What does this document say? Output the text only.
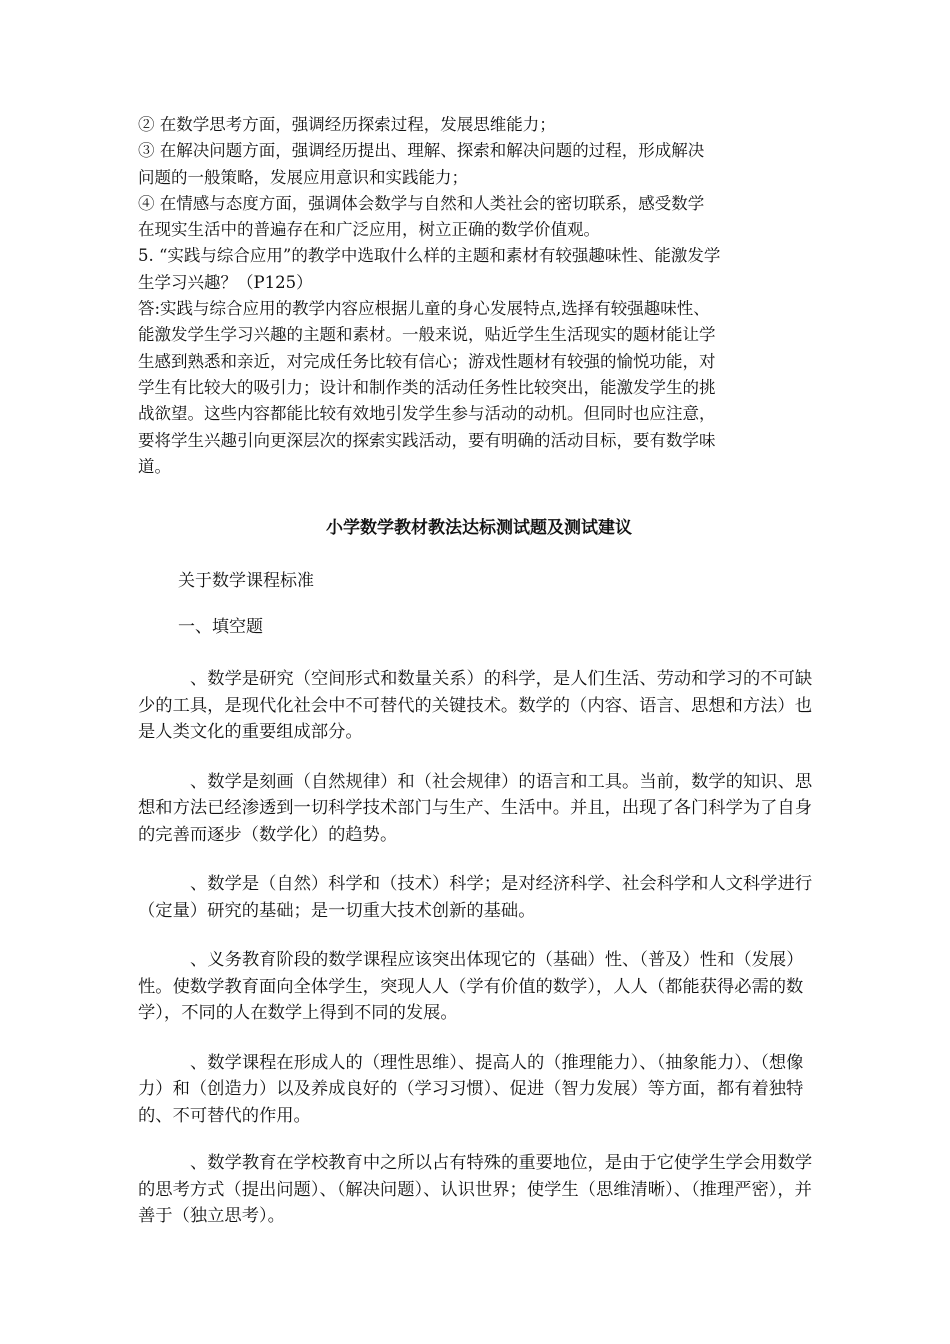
② 在数学思考方面，强调经历探索过程，发展思维能力；

③ 在解决问题方面，强调经历提出、理解、探索和解决问题的过程，形成解决

问题的一般策略，发展应用意识和实践能力；

④ 在情感与态度方面，强调体会数学与自然和人类社会的密切联系，感受数学

在现实生活中的普遍存在和广泛应用，树立正确的数学价值观。

5. “实践与综合应用”的教学中选取什么样的主题和素材有较强趣味性、能激发学

生学习兴趣？（P125）

答:实践与综合应用的教学内容应根据儿童的身心发展特点,选择有较强趣味性、

能激发学生学习兴趣的主题和素材。一般来说，贴近学生生活现实的题材能让学

生感到熟悉和亲近，对完成任务比较有信心；游戏性题材有较强的愉悦功能，对

学生有比较大的吸引力；设计和制作类的活动任务性比较突出，能激发学生的挑

战欲望。这些内容都能比较有效地引发学生参与活动的动机。但同时也应注意，

要将学生兴趣引向更深层次的探索实践活动，要有明确的活动目标，要有数学味

道。

小学数学教材教法达标测试题及测试建议
关于数学课程标准
一、填空题

、数学是研究（空间形式和数量关系）的科学，是人们生活、劳动和学习的不可缺少的工具，是现代化社会中不可替代的关键技术。数学的（内容、语言、思想和方法）也是人类文化的重要组成部分。

、数学是刻画（自然规律）和（社会规律）的语言和工具。当前，数学的知识、思想和方法已经渗透到一切科学技术部门与生产、生活中。并且，出现了各门科学为了自身的完善而逐步（数学化）的趋势。

、数学是（自然）科学和（技术）科学；是对经济科学、社会科学和人文科学进行（定量）研究的基础；是一切重大技术创新的基础。

、义务教育阶段的数学课程应该突出体现它的（基础）性、（普及）性和（发展）性。使数学教育面向全体学生，突现人人（学有价值的数学），人人（都能获得必需的数学），不同的人在数学上得到不同的发展。

、数学课程在形成人的（理性思维）、提高人的（推理能力）、（抽象能力）、（想像力）和（创造力）以及养成良好的（学习习惯）、促进（智力发展）等方面，都有着独特的、不可替代的作用。

、数学教育在学校教育中之所以占有特殊的重要地位，是由于它使学生学会用数学的思考方式（提出问题）、（解决问题）、认识世界；使学生（思维清晰）、（推理严密），并善于（独立思考）。
